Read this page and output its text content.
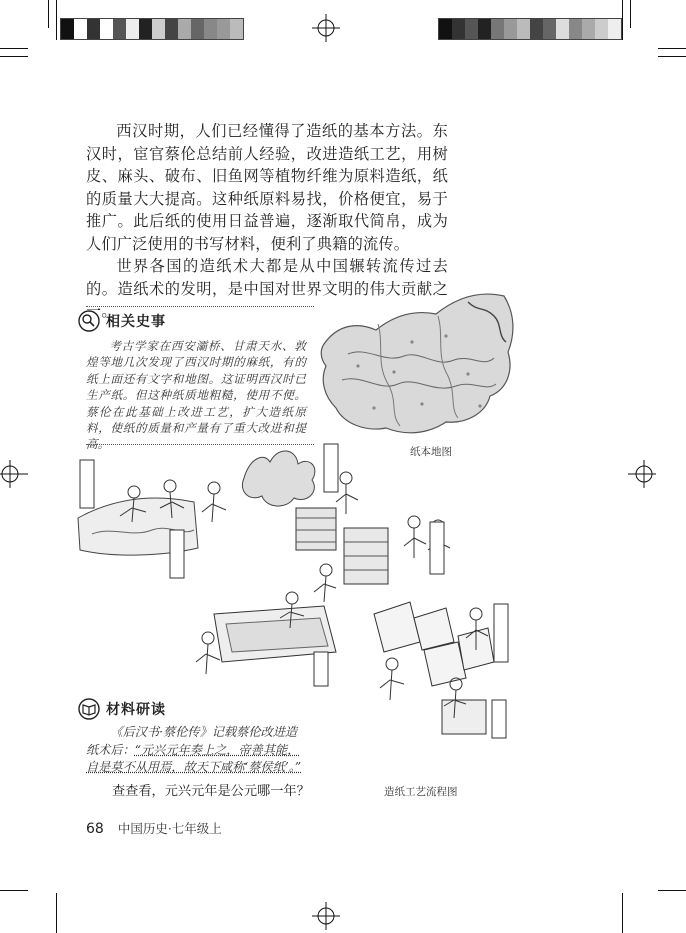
西汉时期，人们已经懂得了造纸的基本方法。东汉时，宦官蔡伦总结前人经验，改进造纸工艺，用树皮、麻头、破布、旧鱼网等植物纤维为原料造纸，纸的质量大大提高。这种纸原料易找，价格便宜，易于推广。此后纸的使用日益普遍，逐渐取代简帛，成为人们广泛使用的书写材料，便利了典籍的流传。

世界各国的造纸术大都是从中国辗转流传过去的。造纸术的发明，是中国对世界文明的伟大贡献之一。

相关史事

考古学家在西安灞桥、甘肃天水、敦煌等地几次发现了西汉时期的麻纸，有的纸上面还有文字和地图。这证明西汉时已生产纸。但这种纸质地粗糙，使用不便。蔡伦在此基础上改进工艺，扩大造纸原料，使纸的质量和产量有了重大改进和提高。

纸本地图
造纸工艺流程图
材料研读

《后汉书·蔡伦传》记载蔡伦改进造纸术后：“元兴元年奏上之，帝善其能，自是莫不从用焉，故天下咸称‘蔡侯纸’。”

查查看，元兴元年是公元哪一年？
68 中国历史·七年级上
